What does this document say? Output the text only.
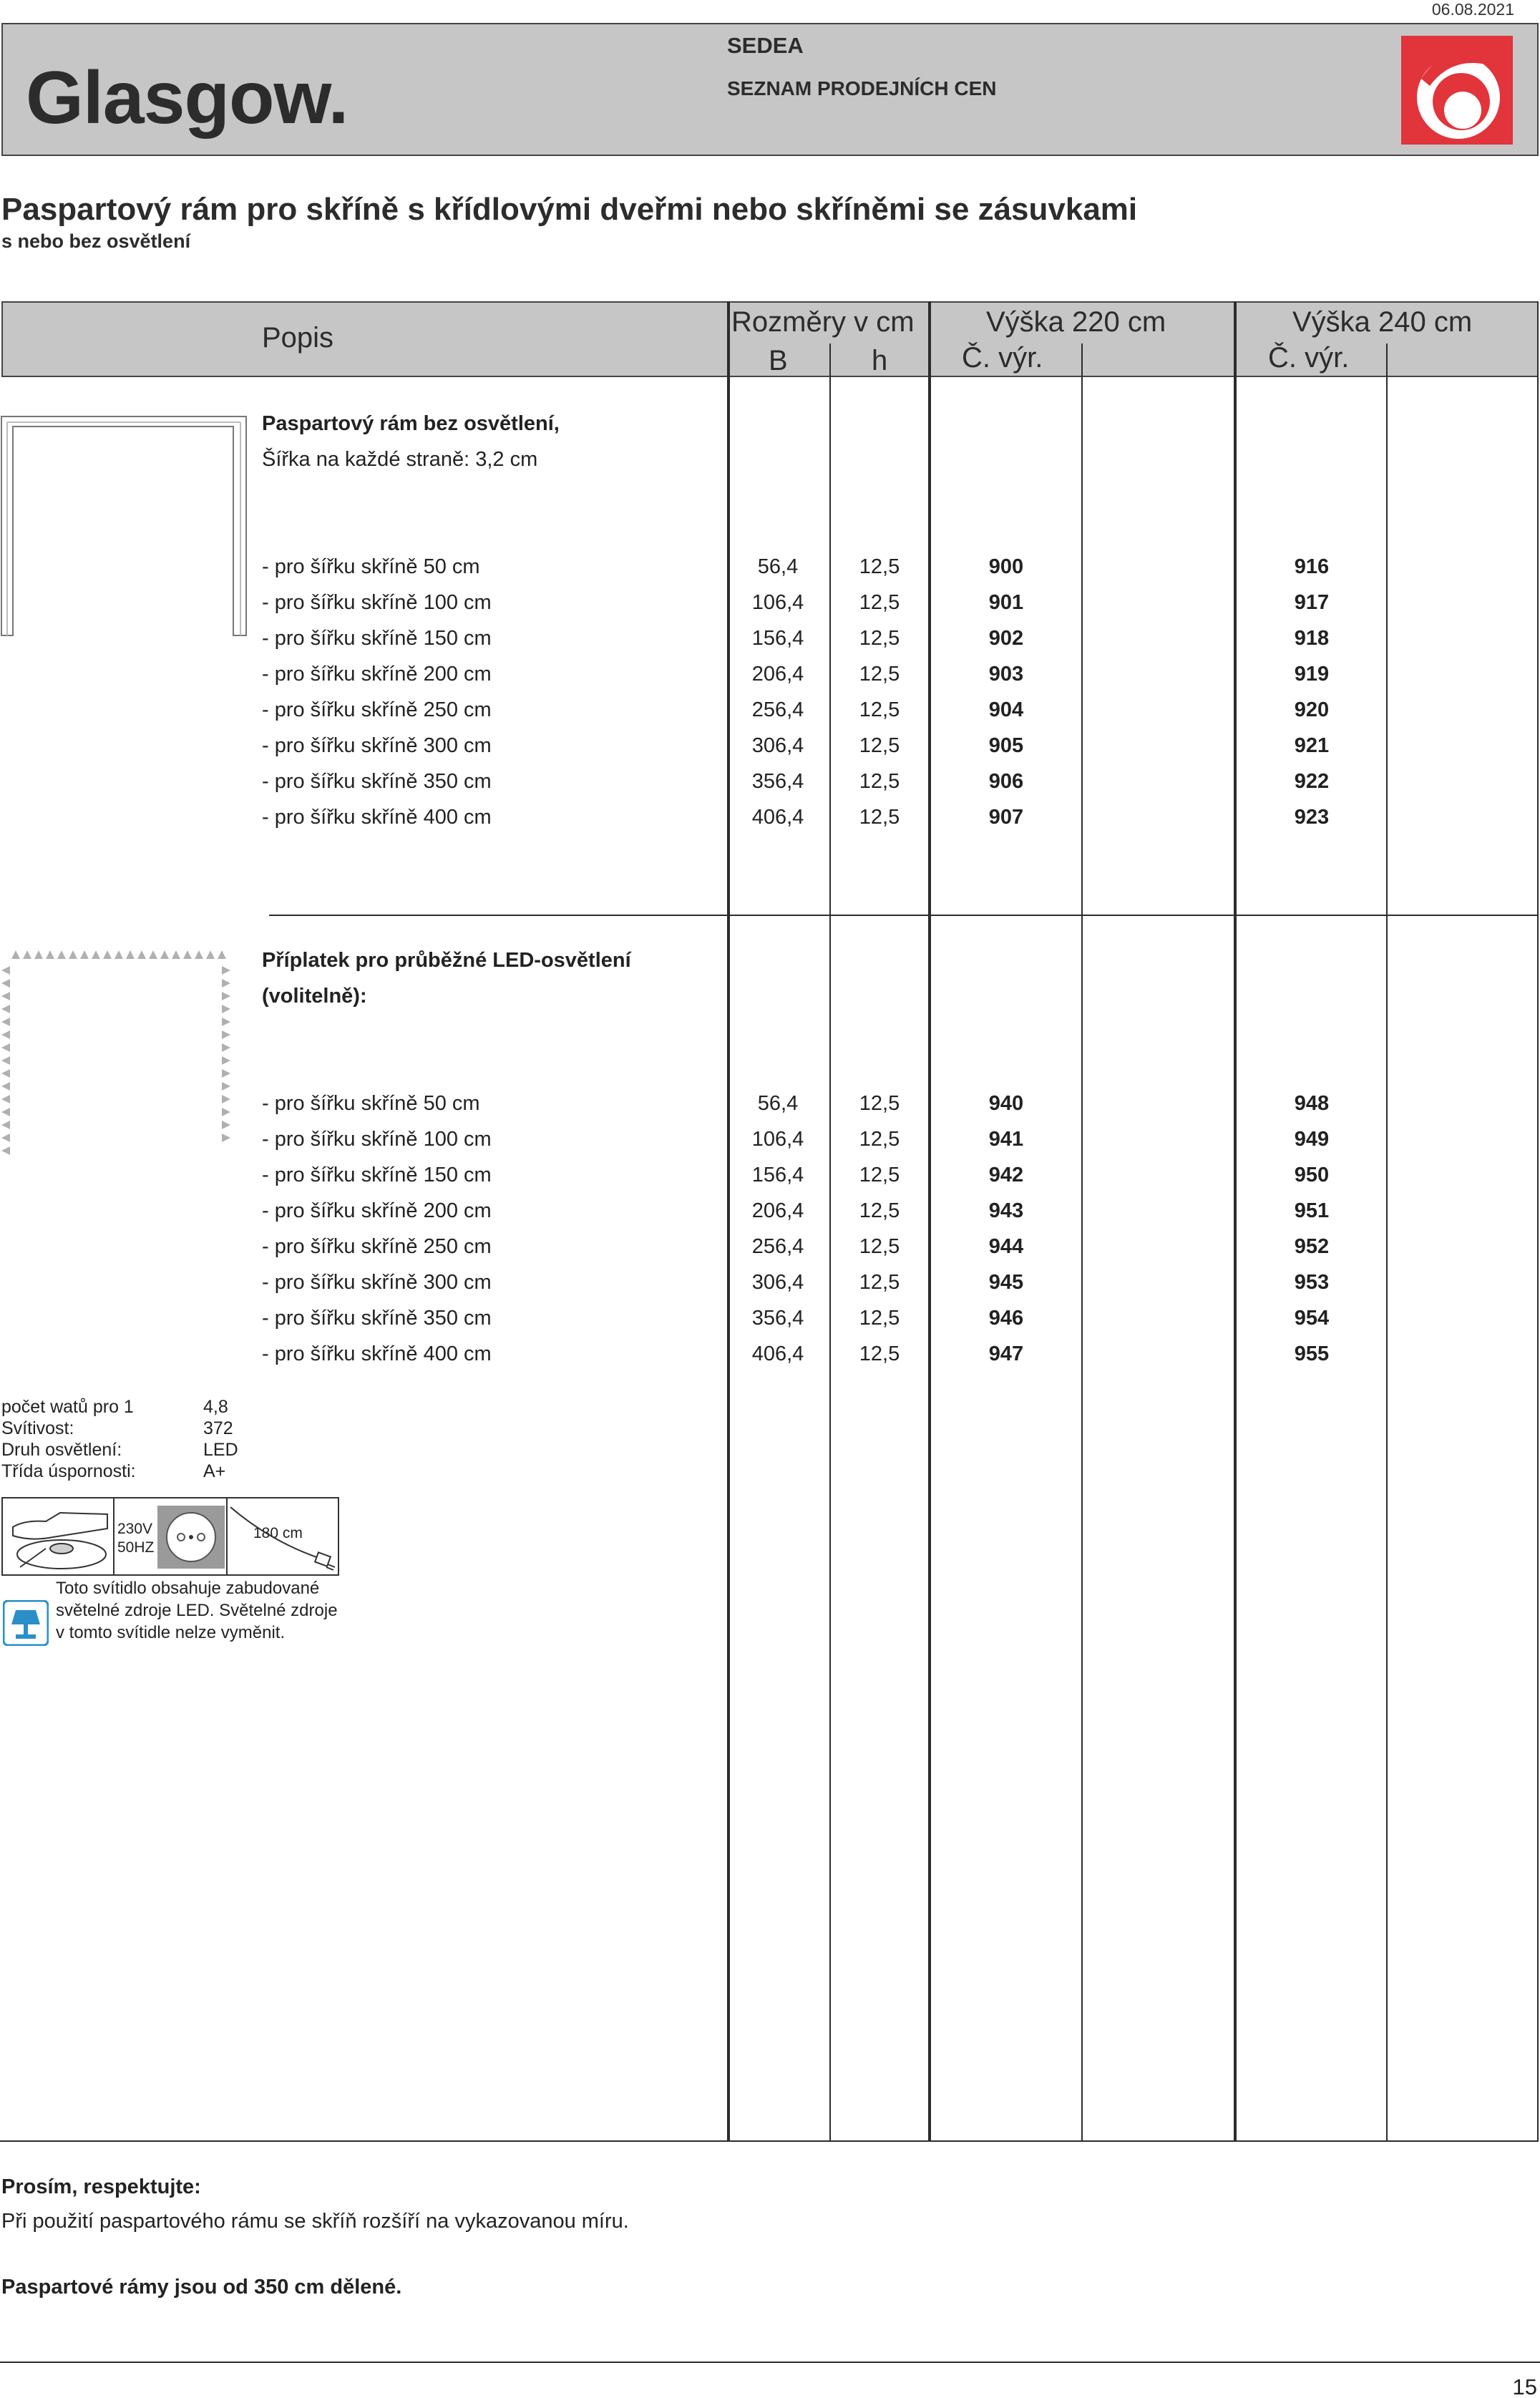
06.08.2021
Glasgow.
SEDEA
SEZNAM PRODEJNÍCH CEN
Paspartový rám pro skříně s křídlovými dveřmi nebo skříněmi se zásuvkami
s nebo bez osvětlení
Popis	Rozměry v cm
B	h
Výška 220 cm
Č. výr.
Výška 240 cm
Č. výr.
Paspartový rám bez osvětlení,
Šířka na každé straně: 3,2 cm
- pro šířku skříně 50 cm	56,4	12,5	900	916
- pro šířku skříně 100 cm	106,4	12,5	901	917
- pro šířku skříně 150 cm	156,4	12,5	902	918
- pro šířku skříně 200 cm	206,4	12,5	903	919
- pro šířku skříně 250 cm	256,4	12,5	904	920
- pro šířku skříně 300 cm	306,4	12,5	905	921
- pro šířku skříně 350 cm	356,4	12,5	906	922
- pro šířku skříně 400 cm	406,4	12,5	907	923
Příplatek pro průběžné LED-osvětlení
(volitelně):
- pro šířku skříně 50 cm	56,4	12,5	940	948
- pro šířku skříně 100 cm	106,4	12,5	941	949
- pro šířku skříně 150 cm	156,4	12,5	942	950
- pro šířku skříně 200 cm	206,4	12,5	943	951
- pro šířku skříně 250 cm	256,4	12,5	944	952
- pro šířku skříně 300 cm	306,4	12,5	945	953
- pro šířku skříně 350 cm	356,4	12,5	946	954
- pro šířku skříně 400 cm	406,4	12,5	947	955
počet watů pro 1	4,8
Svítivost:	372
Druh osvětlení:	LED
Třída úspornosti:	A+
230V
50HZ
180 cm
Toto svítidlo obsahuje zabudované světelné zdroje LED. Světelné zdroje v tomto svítidle nelze vyměnit.
Prosím, respektujte:
Při použití paspartového rámu se skříň rozšíří na vykazovanou míru.
Paspartové rámy jsou od 350 cm dělené.
15
